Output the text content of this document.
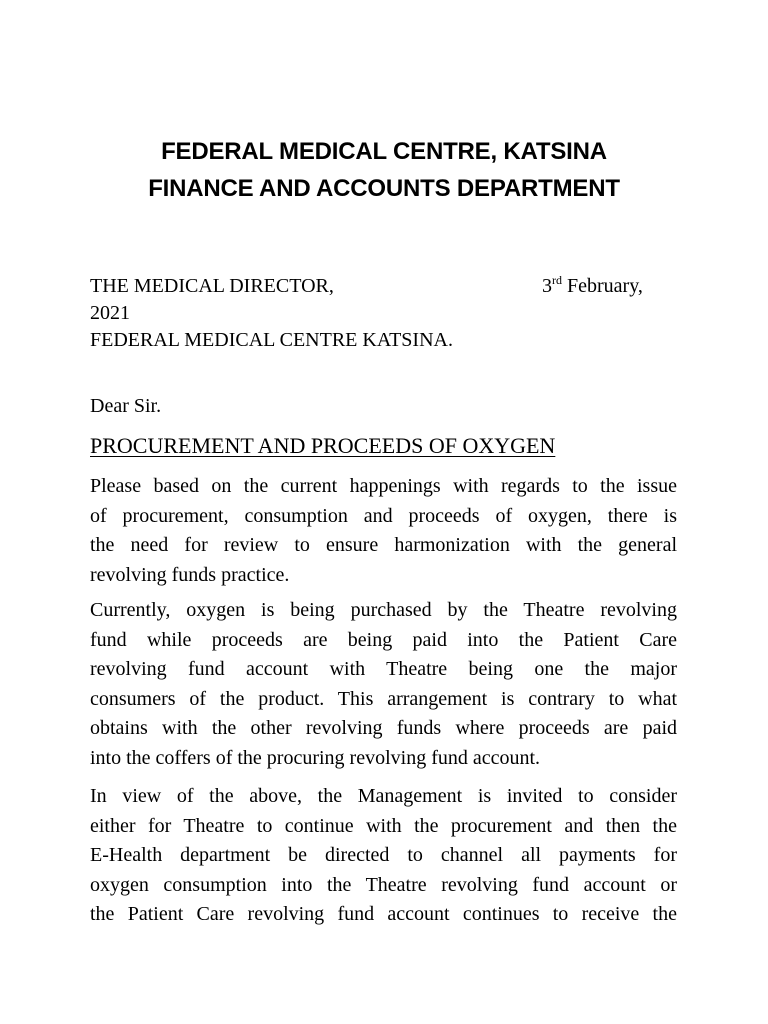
FEDERAL MEDICAL CENTRE, KATSINA
FINANCE AND ACCOUNTS DEPARTMENT
THE MEDICAL DIRECTOR,	3rd February,
2021
FEDERAL MEDICAL CENTRE KATSINA.
Dear Sir.
PROCUREMENT AND PROCEEDS OF OXYGEN
Please based on the current happenings with regards to the issue
of procurement, consumption and proceeds of oxygen, there is
the need for review to ensure harmonization with the general
revolving funds practice.
Currently, oxygen is being purchased by the Theatre revolving
fund while proceeds are being paid into the Patient Care
revolving fund account with Theatre being one the major
consumers of the product. This arrangement is contrary to what
obtains with the other revolving funds where proceeds are paid
into the coffers of the procuring revolving fund account.
In view of the above, the Management is invited to consider
either for Theatre to continue with the procurement and then the
E-Health department be directed to channel all payments for
oxygen consumption into the Theatre revolving fund account or
the Patient Care revolving fund account continues to receive the
